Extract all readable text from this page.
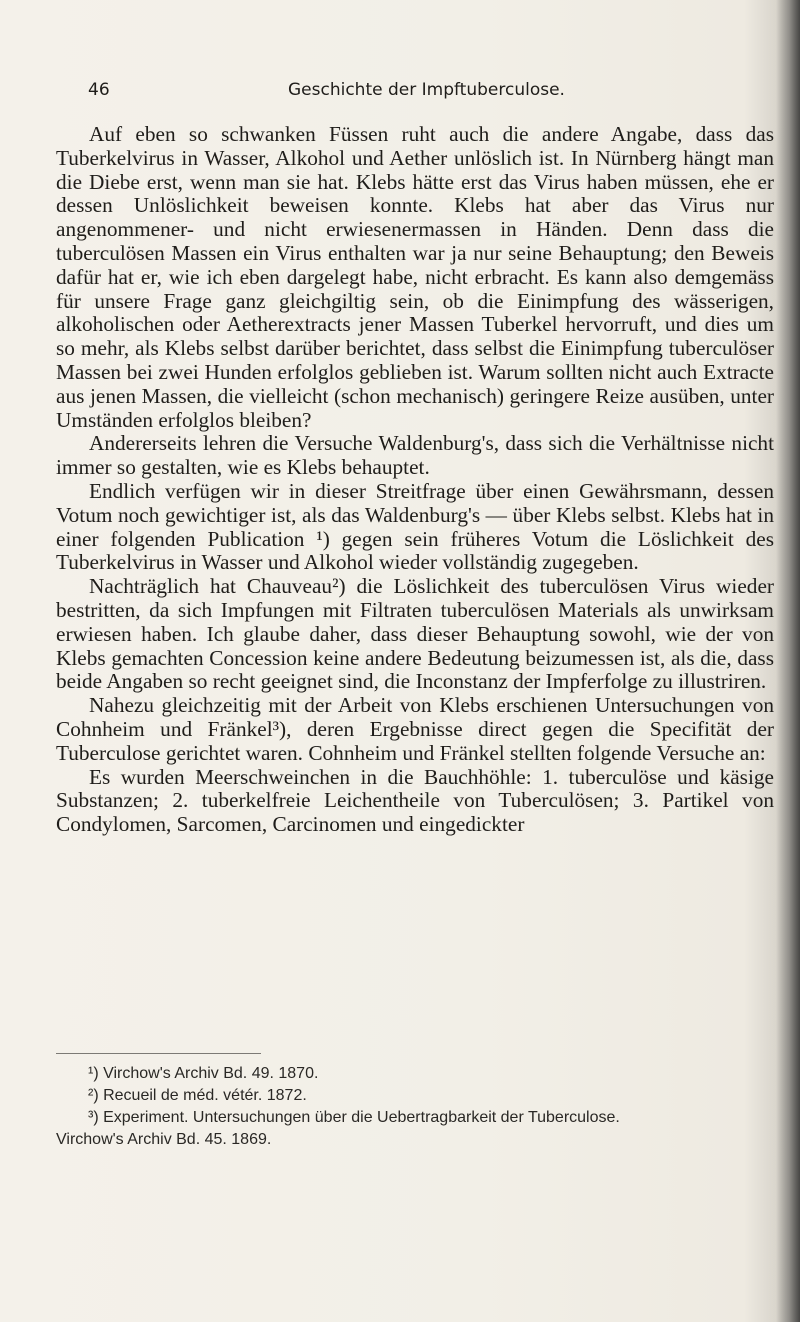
46	Geschichte der Impftuberculose.

Auf eben so schwanken Füssen ruht auch die andere Angabe, dass das Tuberkelvirus in Wasser, Alkohol und Aether unlöslich ist. In Nürnberg hängt man die Diebe erst, wenn man sie hat. Klebs hätte erst das Virus haben müssen, ehe er dessen Unlöslichkeit beweisen konnte. Klebs hat aber das Virus nur angenommener- und nicht erwiesenermassen in Händen. Denn dass die tuberculösen Massen ein Virus enthalten war ja nur seine Behauptung; den Beweis dafür hat er, wie ich eben dargelegt habe, nicht erbracht. Es kann also demgemäss für unsere Frage ganz gleichgiltig sein, ob die Einimpfung des wässerigen, alkoholischen oder Aetherextracts jener Massen Tuberkel hervorruft, und dies um so mehr, als Klebs selbst darüber berichtet, dass selbst die Einimpfung tuberculöser Massen bei zwei Hunden erfolglos geblieben ist. Warum sollten nicht auch Extracte aus jenen Massen, die vielleicht (schon mechanisch) geringere Reize ausüben, unter Umständen erfolglos bleiben?

Andererseits lehren die Versuche Waldenburg's, dass sich die Verhältnisse nicht immer so gestalten, wie es Klebs behauptet.

Endlich verfügen wir in dieser Streitfrage über einen Gewährsmann, dessen Votum noch gewichtiger ist, als das Waldenburg's — über Klebs selbst. Klebs hat in einer folgenden Publication ¹) gegen sein früheres Votum die Löslichkeit des Tuberkelvirus in Wasser und Alkohol wieder vollständig zugegeben.

Nachträglich hat Chauveau²) die Löslichkeit des tuberculösen Virus wieder bestritten, da sich Impfungen mit Filtraten tuberculösen Materials als unwirksam erwiesen haben. Ich glaube daher, dass dieser Behauptung sowohl, wie der von Klebs gemachten Concession keine andere Bedeutung beizumessen ist, als die, dass beide Angaben so recht geeignet sind, die Inconstanz der Impferfolge zu illustriren.

Nahezu gleichzeitig mit der Arbeit von Klebs erschienen Untersuchungen von Cohnheim und Fränkel³), deren Ergebnisse direct gegen die Specifität der Tuberculose gerichtet waren. Cohnheim und Fränkel stellten folgende Versuche an:

Es wurden Meerschweinchen in die Bauchhöhle: 1. tuberculöse und käsige Substanzen; 2. tuberkelfreie Leichentheile von Tuberculösen; 3. Partikel von Condylomen, Sarcomen, Carcinomen und eingedickter

¹) Virchow's Archiv Bd. 49. 1870.

²) Recueil de méd. vétér. 1872.

³) Experiment. Untersuchungen über die Uebertragbarkeit der Tuberculose.

Virchow's Archiv Bd. 45. 1869.
